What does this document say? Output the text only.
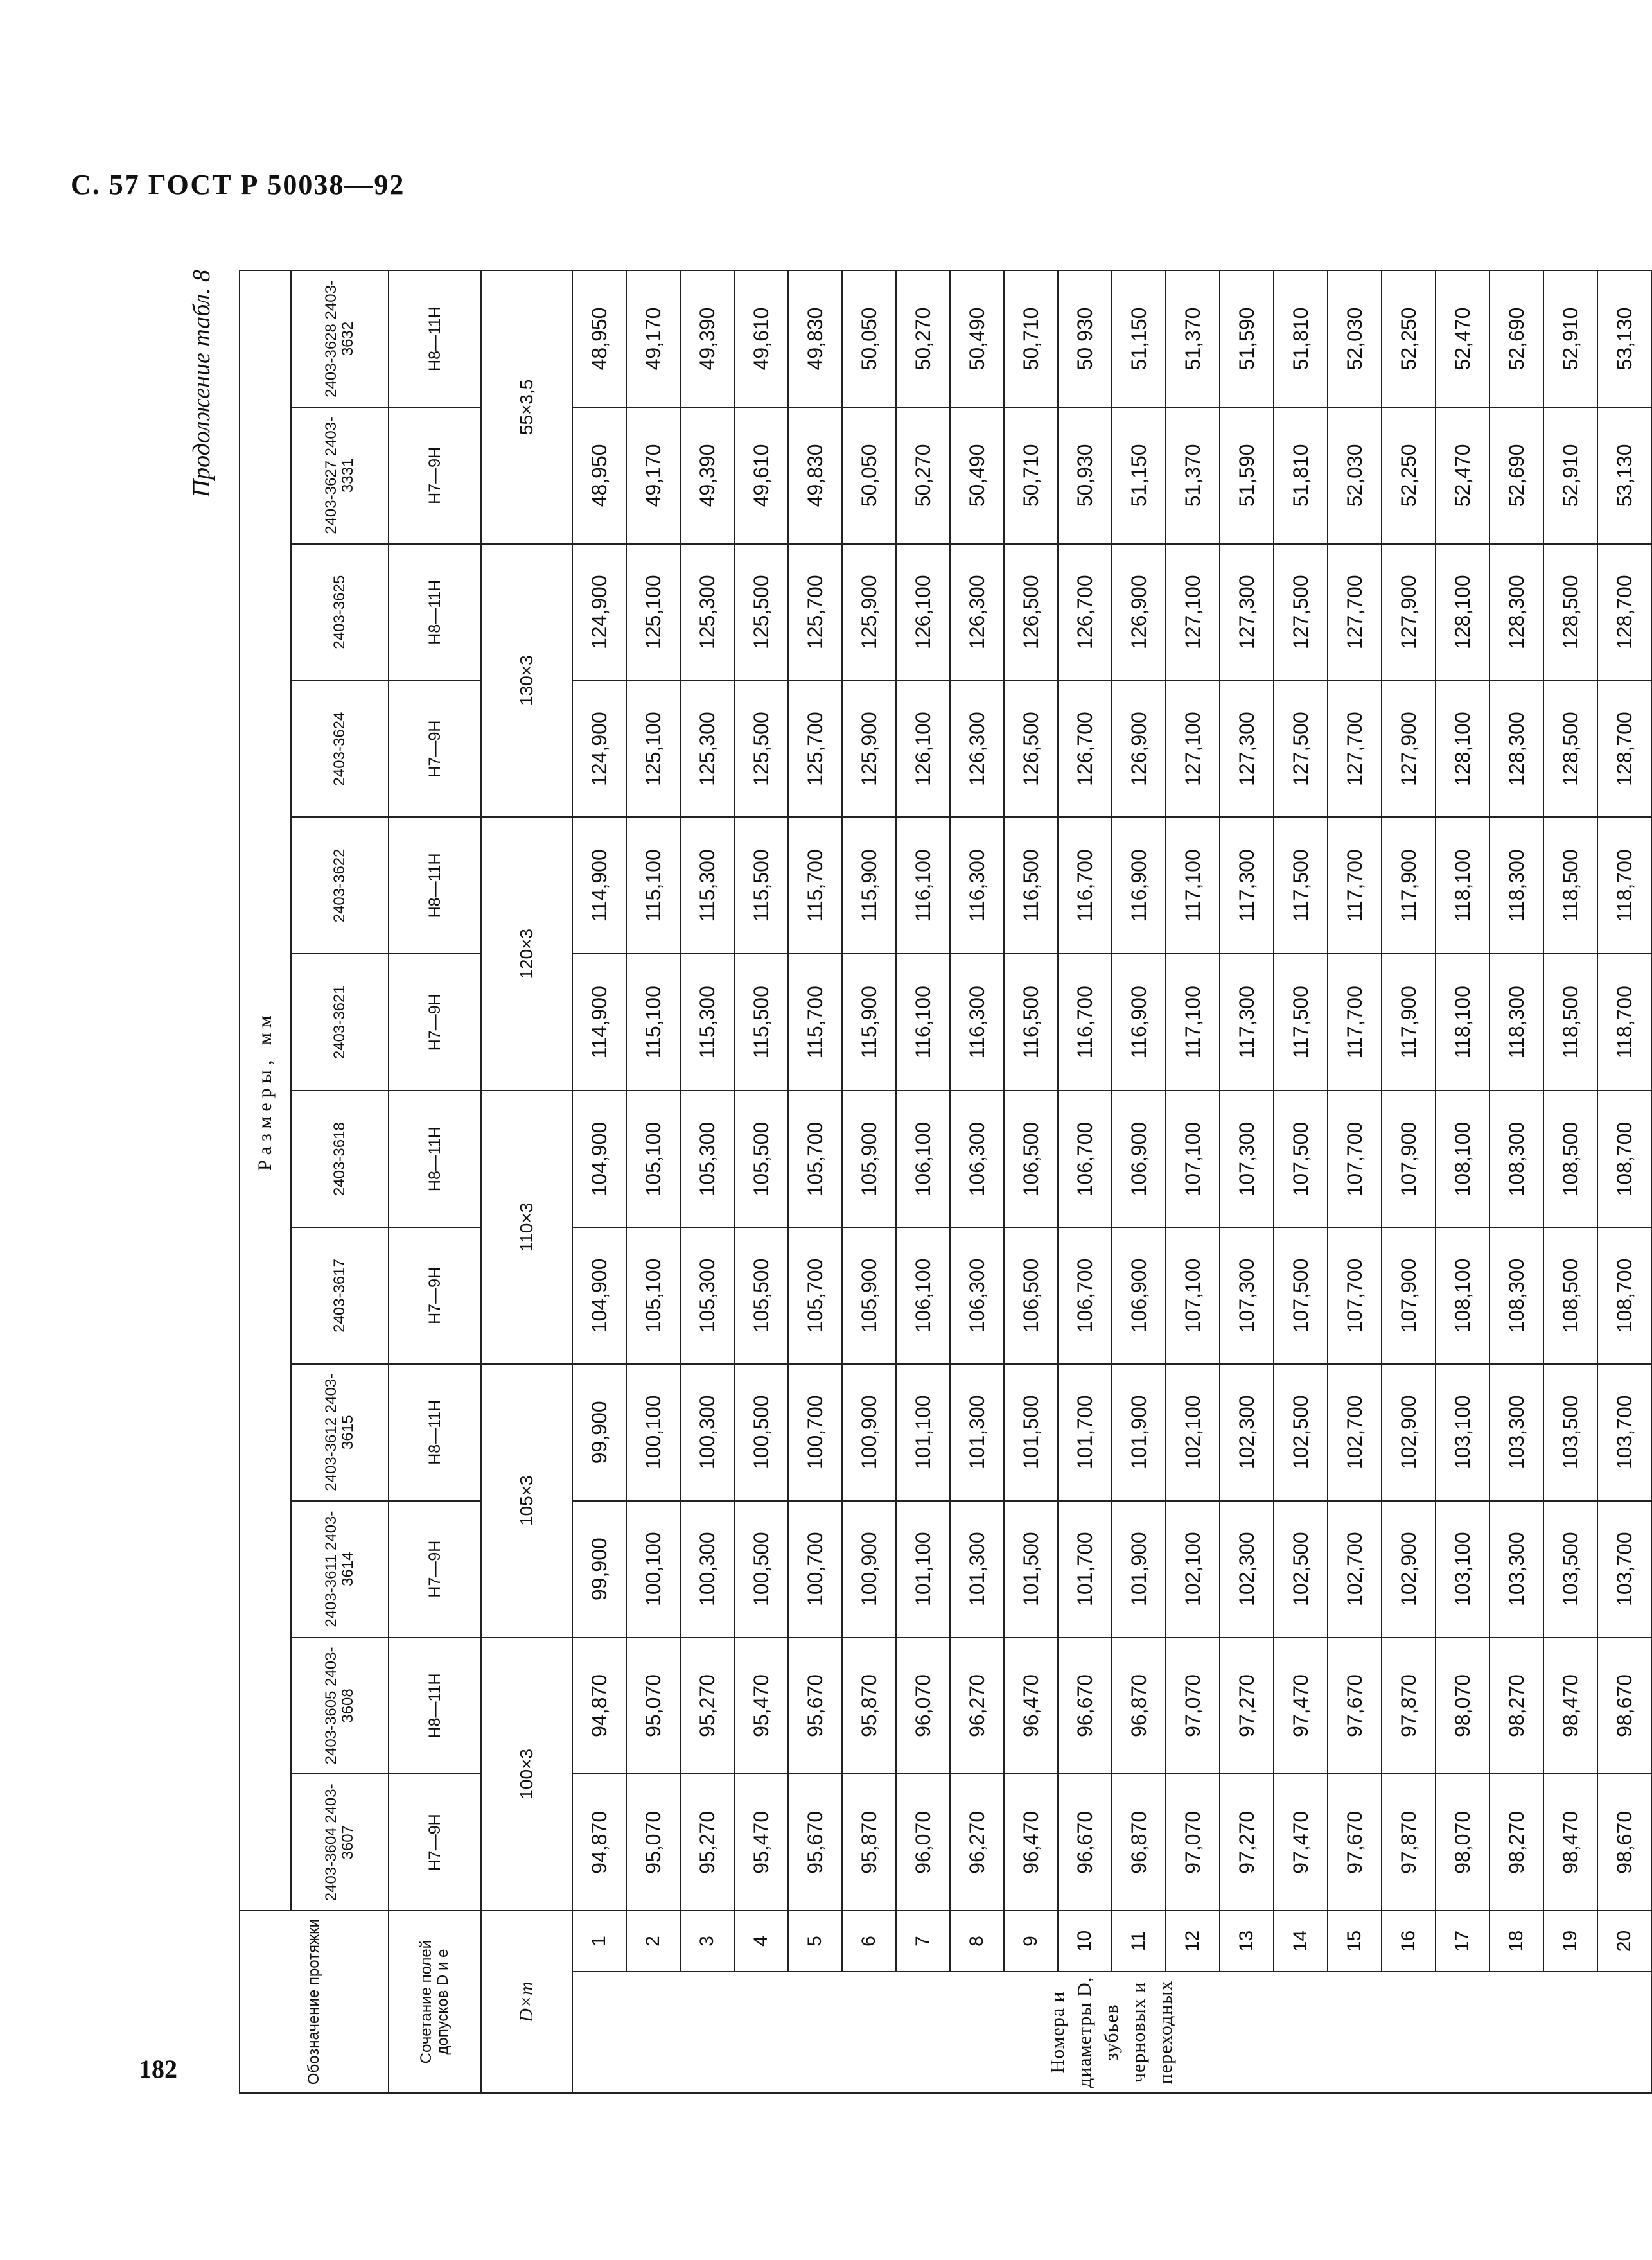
С. 57 ГОСТ Р 50038—92
182
Продолжение табл. 8
Обозначение протяжки		Размеры, мм											
		2403-3604 2403-3607	2403-3605 2403-3608	2403-3611 2403-3614	2403-3612 2403-3615	2403-3617	2403-3618	2403-3621	2403-3622	2403-3624	2403-3625	2403-3627 2403-3331	2403-3628 2403-3632
Сочетание полей допусков D и e		H7—9H	H8—11H	H7—9H	H8—11H	H7—9H	H8—11H	H7—9H	H8—11H	H7—9H	H8—11H	H7—9H	H8—11H
D×m		100×3		105×3		110×3		120×3		130×3		55×3,5	

Номера и диаметры D, зубьев черновых и переходных	1	94,870	94,870	99,900	99,900	104,900	104,900	114,900	114,900	124,900	124,900	48,950	48,950
	2	95,070	95,070	100,100	100,100	105,100	105,100	115,100	115,100	125,100	125,100	49,170	49,170
	3	95,270	95,270	100,300	100,300	105,300	105,300	115,300	115,300	125,300	125,300	49,390	49,390
	4	95,470	95,470	100,500	100,500	105,500	105,500	115,500	115,500	125,500	125,500	49,610	49,610
	5	95,670	95,670	100,700	100,700	105,700	105,700	115,700	115,700	125,700	125,700	49,830	49,830
	6	95,870	95,870	100,900	100,900	105,900	105,900	115,900	115,900	125,900	125,900	50,050	50,050
	7	96,070	96,070	101,100	101,100	106,100	106,100	116,100	116,100	126,100	126,100	50,270	50,270
	8	96,270	96,270	101,300	101,300	106,300	106,300	116,300	116,300	126,300	126,300	50,490	50,490
	9	96,470	96,470	101,500	101,500	106,500	106,500	116,500	116,500	126,500	126,500	50,710	50,710
	10	96,670	96,670	101,700	101,700	106,700	106,700	116,700	116,700	126,700	126,700	50,930	50 930
	11	96,870	96,870	101,900	101,900	106,900	106,900	116,900	116,900	126,900	126,900	51,150	51,150
	12	97,070	97,070	102,100	102,100	107,100	107,100	117,100	117,100	127,100	127,100	51,370	51,370
	13	97,270	97,270	102,300	102,300	107,300	107,300	117,300	117,300	127,300	127,300	51,590	51,590
	14	97,470	97,470	102,500	102,500	107,500	107,500	117,500	117,500	127,500	127,500	51,810	51,810
	15	97,670	97,670	102,700	102,700	107,700	107,700	117,700	117,700	127,700	127,700	52,030	52,030
	16	97,870	97,870	102,900	102,900	107,900	107,900	117,900	117,900	127,900	127,900	52,250	52,250
	17	98,070	98,070	103,100	103,100	108,100	108,100	118,100	118,100	128,100	128,100	52,470	52,470
	18	98,270	98,270	103,300	103,300	108,300	108,300	118,300	118,300	128,300	128,300	52,690	52,690
	19	98,470	98,470	103,500	103,500	108,500	108,500	118,500	118,500	128,500	128,500	52,910	52,910
	20	98,670	98,670	103,700	103,700	108,700	108,700	118,700	118,700	128,700	128,700	53,130	53,130
